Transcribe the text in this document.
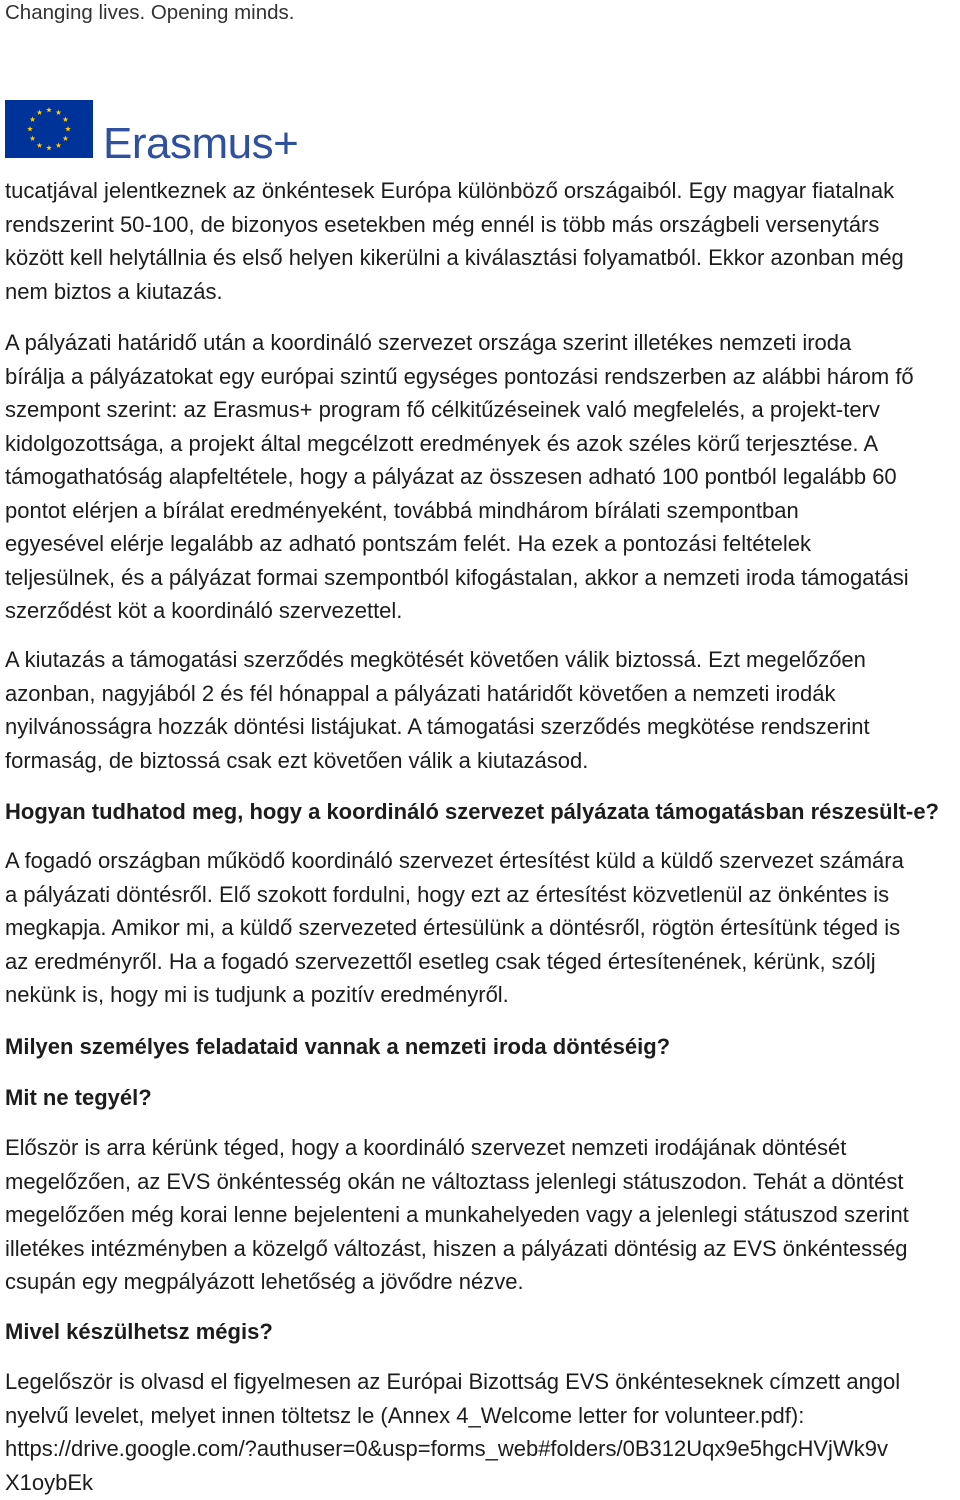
Changing lives. Opening minds.
Erasmus+
tucatjával jelentkeznek az önkéntesek Európa különböző országaiból. Egy magyar fiatalnak
rendszerint 50-100, de bizonyos esetekben még ennél is több más országbeli versenytárs
között kell helytállnia és első helyen kikerülni a kiválasztási folyamatból. Ekkor azonban még
nem biztos a kiutazás.
A pályázati határidő után a koordináló szervezet országa szerint illetékes nemzeti iroda
bírálja a pályázatokat egy európai szintű egységes pontozási rendszerben az alábbi három fő
szempont szerint: az Erasmus+ program fő célkitűzéseinek való megfelelés, a projekt-terv
kidolgozottsága, a projekt által megcélzott eredmények és azok széles körű terjesztése. A
támogathatóság alapfeltétele, hogy a pályázat az összesen adható 100 pontból legalább 60
pontot elérjen a bírálat eredményeként, továbbá mindhárom bírálati szempontban
egyesével elérje legalább az adható pontszám felét. Ha ezek a pontozási feltételek
teljesülnek, és a pályázat formai szempontból kifogástalan, akkor a nemzeti iroda támogatási
szerződést köt a koordináló szervezettel.
A kiutazás a támogatási szerződés megkötését követően válik biztossá. Ezt megelőzően
azonban, nagyjából 2 és fél hónappal a pályázati határidőt követően a nemzeti irodák
nyilvánosságra hozzák döntési listájukat. A támogatási szerződés megkötése rendszerint
formaság, de biztossá csak ezt követően válik a kiutazásod.
Hogyan tudhatod meg, hogy a koordináló szervezet pályázata támogatásban részesült-e?
A fogadó országban működő koordináló szervezet értesítést küld a küldő szervezet számára
a pályázati döntésről. Elő szokott fordulni, hogy ezt az értesítést közvetlenül az önkéntes is
megkapja. Amikor mi, a küldő szervezeted értesülünk a döntésről, rögtön értesítünk téged is
az eredményről. Ha a fogadó szervezettől esetleg csak téged értesítenének, kérünk, szólj
nekünk is, hogy mi is tudjunk a pozitív eredményről.
Milyen személyes feladataid vannak a nemzeti iroda döntéséig?
Mit ne tegyél?
Először is arra kérünk téged, hogy a koordináló szervezet nemzeti irodájának döntését
megelőzően, az EVS önkéntesség okán ne változtass jelenlegi státuszodon. Tehát a döntést
megelőzően még korai lenne bejelenteni a munkahelyeden vagy a jelenlegi státuszod szerint
illetékes intézményben a közelgő változást, hiszen a pályázati döntésig az EVS önkéntesség
csupán egy megpályázott lehetőség a jövődre nézve.
Mivel készülhetsz mégis?
Legelőször is olvasd el figyelmesen az Európai Bizottság EVS önkénteseknek címzett angol
nyelvű levelet, melyet innen töltetsz le (Annex 4_Welcome letter for volunteer.pdf):
https://drive.google.com/?authuser=0&usp=forms_web#folders/0B312Uqx9e5hgcHVjWk9v
X1oybEk
